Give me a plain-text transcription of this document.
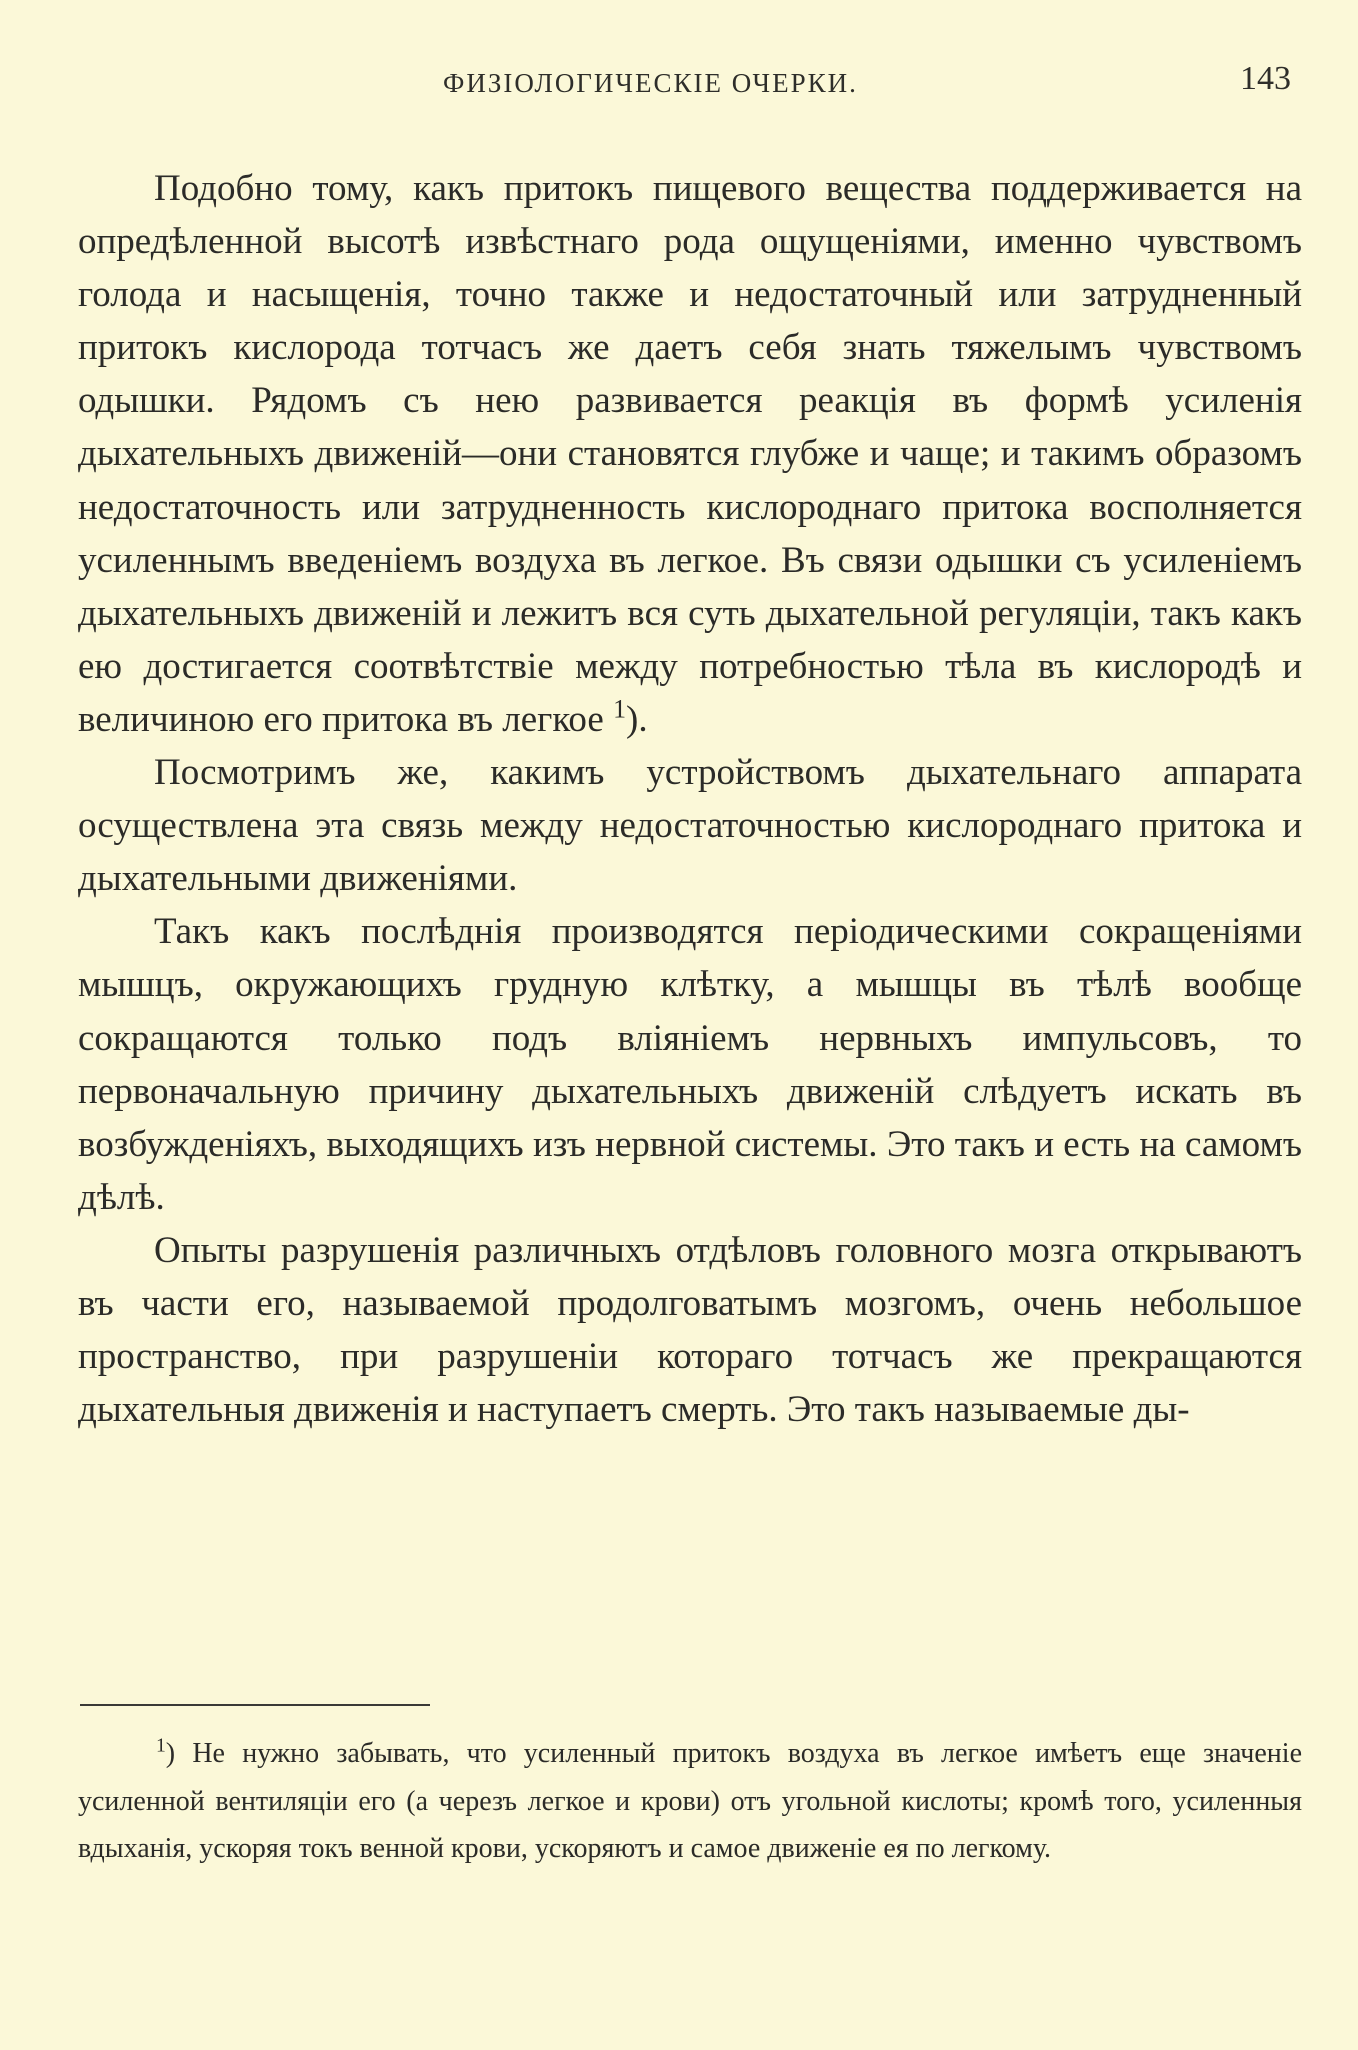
ФИЗIОЛОГИЧЕСКIЕ ОЧЕРКИ.	143

Подобно тому, какъ притокъ пищевого вещества поддерживается на опредѣленной высотѣ извѣстнаго рода ощущенiями, именно чувствомъ голода и насыщенiя, точно также и недостаточный или затрудненный притокъ кислорода тотчасъ же даетъ себя знать тяжелымъ чувствомъ одышки. Рядомъ съ нею развивается реакцiя въ формѣ усиленiя дыхательныхъ движенiй—они становятся глубже и чаще; и такимъ образомъ недостаточность или затрудненность кислороднаго притока восполняется усиленнымъ введенiемъ воздуха въ легкое. Въ связи одышки съ усиленiемъ дыхательныхъ движенiй и лежитъ вся суть дыхательной регуляцiи, такъ какъ ею достигается соотвѣтствiе между потребностью тѣла въ кислородѣ и величиною его притока въ легкое $^1$).

Посмотримъ же, какимъ устройствомъ дыхательнаго аппарата осуществлена эта связь между недостаточностью кислороднаго притока и дыхательными движенiями.

Такъ какъ послѣднiя производятся перiодическими сокращенiями мышцъ, окружающихъ грудную клѣтку, а мышцы въ тѣлѣ вообще сокращаются только подъ влiянiемъ нервныхъ импульсовъ, то первоначальную причину дыхательныхъ движенiй слѣдуетъ искать въ возбужденiяхъ, выходящихъ изъ нервной системы. Это такъ и есть на самомъ дѣлѣ.

Опыты разрушенiя различныхъ отдѣловъ головного мозга открываютъ въ части его, называемой продолговатымъ мозгомъ, очень небольшое пространство, при разрушенiи котораго тотчасъ же прекращаются дыхательныя движенiя и наступаетъ смерть. Это такъ называемые ды-

$^1$) Не нужно забывать, что усиленный притокъ воздуха въ легкое имѣетъ еще значенiе усиленной вентиляцiи его (а черезъ легкое и крови) отъ угольной кислоты; кромѣ того, усиленныя вдыханiя, ускоряя токъ венной крови, ускоряютъ и самое движенiе ея по легкому.
